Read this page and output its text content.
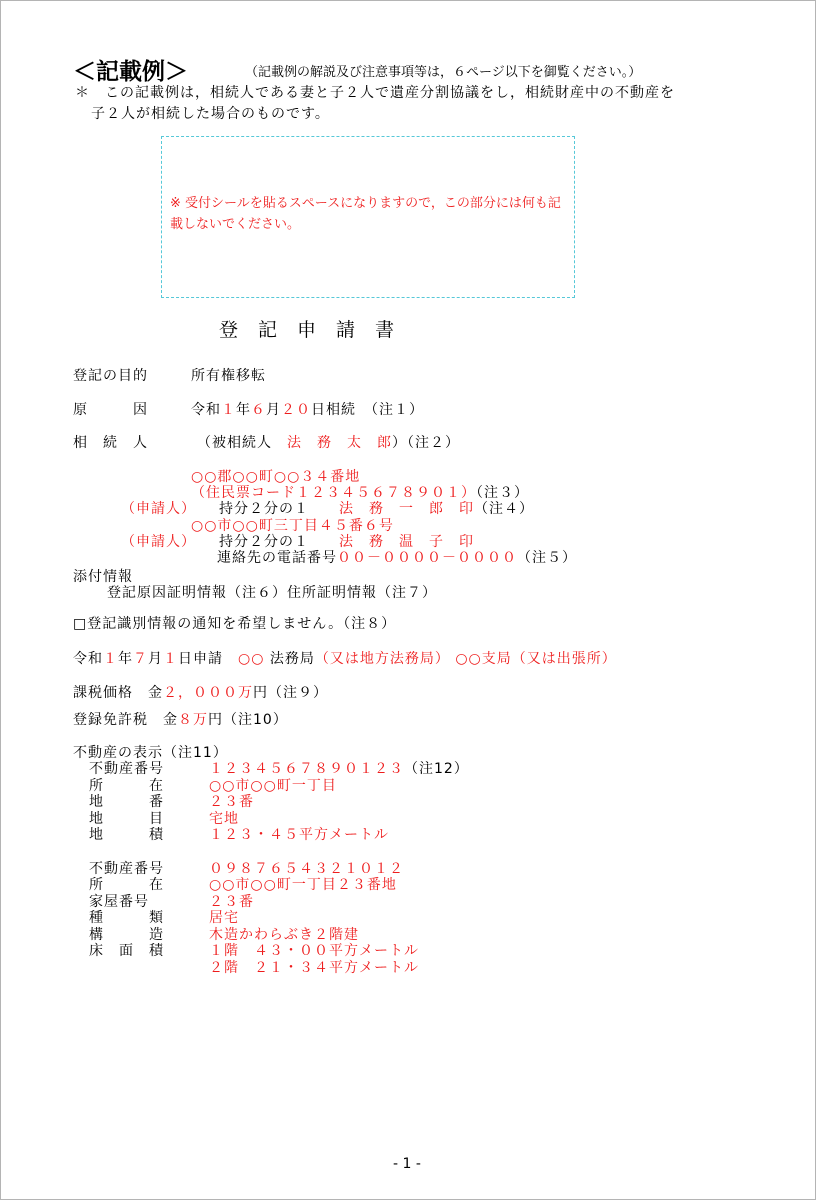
＜記載例＞	（記載例の解説及び注意事項等は，６ページ以下を御覧ください。）
＊　この記載例は，相続人である妻と子２人で遺産分割協議をし，相続財産中の不動産を
子２人が相続した場合のものです。
※ 受付シールを貼るスペースになりますので，この部分には何も記載しないでください。
登記申請書
登記の目的	所有権移転
原　　　因	令和１年６月２０日相続　 （注１）
相　続　人	（被相続人　 法　務　太　郎）（注２）
○○郡○○町○○３４番地
（住民票コード１２３４５６７８９０１）（注３）
（申請人）　　 持分２分の１　　 法　務　一　郎　印（注４）
○○市○○町三丁目４５番６号
（申請人）　　 持分２分の１　　 法　務　温　子　印
連絡先の電話番号００－００００－００００（注５）
添付情報
登記原因証明情報（注６）住所証明情報（注７）
□登記識別情報の通知を希望しません。（注８）
令和１年７月１日申請　 ○○ 法務局（又は地方法務局） ○○支局（又は出張所）
課税価格　 金２，０００万円（注９）
登録免許税　 金８万円（注10）
不動産の表示（注11）
不動産番号	１２３４５６７８９０１２３（注12）
所　　　在	○○市○○町一丁目
地　　　番	２３番
地　　　目	宅地
地　　　積	１２３・４５平方メートル
不動産番号	０９８７６５４３２１０１２
所　　　在	○○市○○町一丁目２３番地
家屋番号	２３番
種　　　類	居宅
構　　　造	木造かわらぶき２階建
床　面　積	１階　４３・００平方メートル
２階　２１・３４平方メートル
- 1 -
